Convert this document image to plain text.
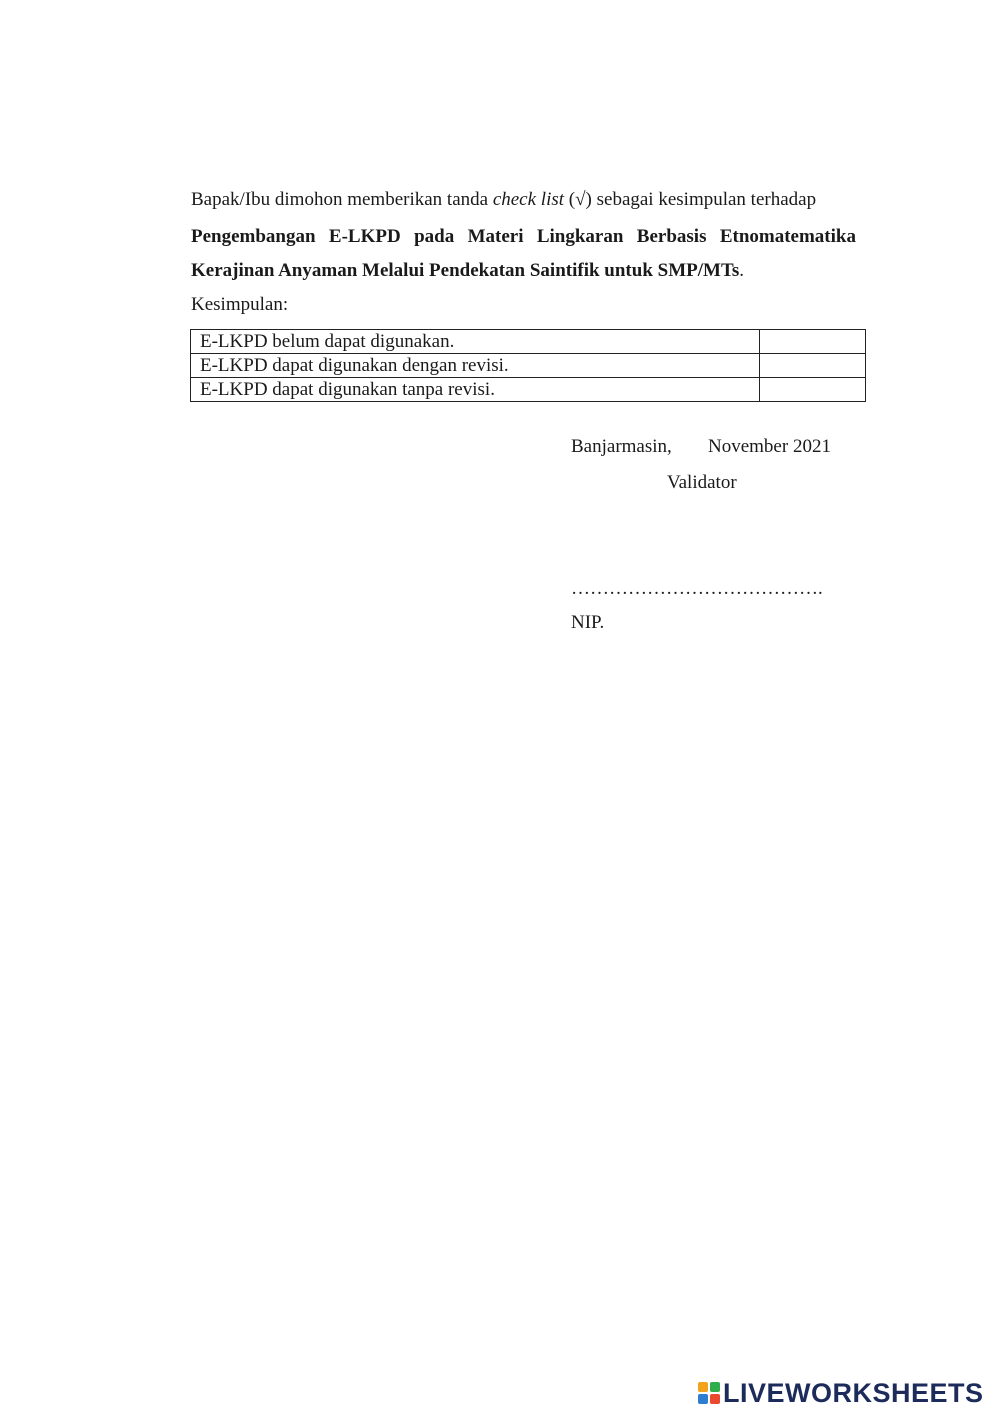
Bapak/Ibu dimohon memberikan tanda check list (√) sebagai kesimpulan terhadap
Pengembangan E-LKPD pada Materi Lingkaran Berbasis Etnomatematika
Kerajinan Anyaman Melalui Pendekatan Saintifik untuk SMP/MTs.
Kesimpulan:
E-LKPD belum dapat digunakan.	
E-LKPD dapat digunakan dengan revisi.	
E-LKPD dapat digunakan tanpa revisi.	
Banjarmasin, November 2021
Validator
………………………………….
NIP.
LIVEWORKSHEETS
